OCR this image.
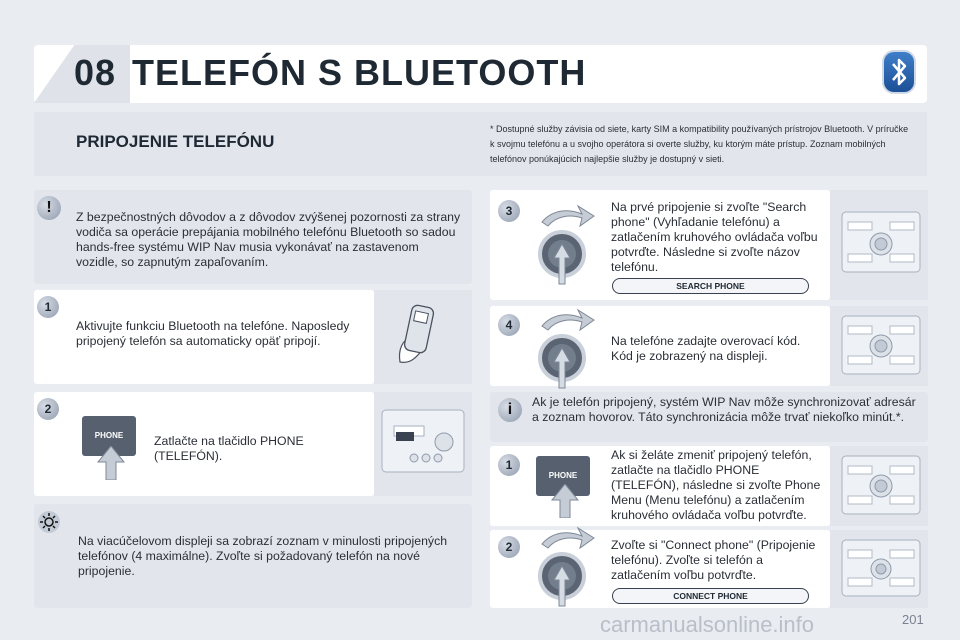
08 TELEFÓN S BLUETOOTH
PRIPOJENIE TELEFÓNU
* Dostupné služby závisia od siete, karty SIM a kompatibility používaných prístrojov Bluetooth. V príručke k svojmu telefónu a u svojho operátora si overte služby, ku ktorým máte prístup. Zoznam mobilných telefónov ponúkajúcich najlepšie služby je dostupný v sieti.
!
Z bezpečnostných dôvodov a z dôvodov zvýšenej pozornosti za strany vodiča sa operácie prepájania mobilného telefónu Bluetooth so sadou hands-free systému WIP Nav musia vykonávať na zastavenom vozidle, so zapnutým zapaľovaním.
1
Aktivujte funkciu Bluetooth na telefóne. Naposledy pripojený telefón sa automaticky opäť pripojí.
2
PHONE	Zatlačte na tlačidlo PHONE (TELEFÓN).
Na viacúčelovom displeji sa zobrazí zoznam v minulosti pripojených telefónov (4 maximálne). Zvoľte si požadovaný telefón na nové pripojenie.
3	Na prvé pripojenie si zvoľte "Search phone" (Vyhľadanie telefónu) a zatlačením kruhového ovládača voľbu potvrďte. Následne si zvoľte názov telefónu.
SEARCH PHONE
4
Na telefóne zadajte overovací kód. Kód je zobrazený na displeji.
i	Ak je telefón pripojený, systém WIP Nav môže synchronizovať adresár a zoznam hovorov. Táto synchronizácia môže trvať niekoľko minút.*.
1
PHONE
Ak si želáte zmeniť pripojený telefón, zatlačte na tlačidlo PHONE (TELEFÓN), následne si zvoľte Phone Menu (Menu telefónu) a zatlačením kruhového ovládača voľbu potvrďte.
2	Zvoľte si "Connect phone" (Pripojenie telefónu). Zvoľte si telefón a zatlačením voľbu potvrďte.
CONNECT PHONE
carmanualsonline.info	201
